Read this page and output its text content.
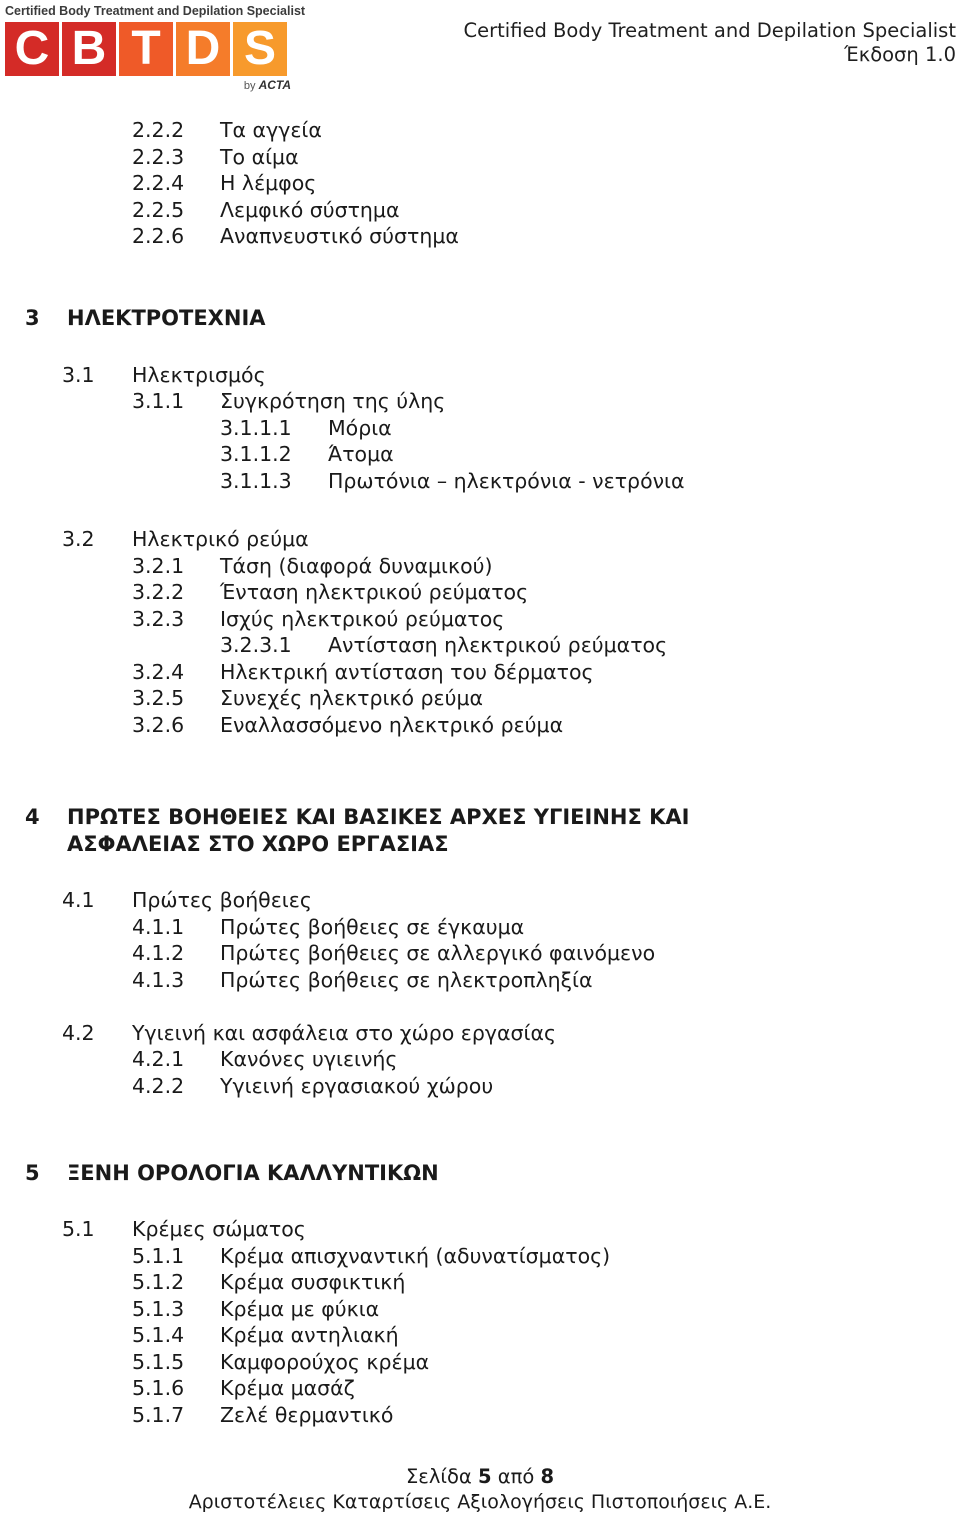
Certified Body Treatment and Depilation Specialist
C B T D S
by ACTA
Certified Body Treatment and Depilation Specialist
Έκδοση 1.0
2.2.2 Τα αγγεία
2.2.3 Το αίμα
2.2.4 Η λέμφος
2.2.5 Λεμφικό σύστημα
2.2.6 Αναπνευστικό σύστημα
3 ΗΛΕΚΤΡΟΤΕΧΝΙΑ
3.1 Ηλεκτρισμός
3.1.1 Συγκρότηση της ύλης
3.1.1.1 Μόρια
3.1.1.2 Άτομα
3.1.1.3 Πρωτόνια – ηλεκτρόνια - νετρόνια
3.2 Ηλεκτρικό ρεύμα
3.2.1 Τάση (διαφορά δυναμικού)
3.2.2 Ένταση ηλεκτρικού ρεύματος
3.2.3 Ισχύς ηλεκτρικού ρεύματος
3.2.3.1 Αντίσταση ηλεκτρικού ρεύματος
3.2.4 Ηλεκτρική αντίσταση του δέρματος
3.2.5 Συνεχές ηλεκτρικό ρεύμα
3.2.6 Εναλλασσόμενο ηλεκτρικό ρεύμα
4 ΠΡΩΤΕΣ ΒΟΗΘΕΙΕΣ ΚΑΙ ΒΑΣΙΚΕΣ ΑΡΧΕΣ ΥΓΙΕΙΝΗΣ ΚΑΙ
ΑΣΦΑΛΕΙΑΣ ΣΤΟ ΧΩΡΟ ΕΡΓΑΣΙΑΣ
4.1 Πρώτες βοήθειες
4.1.1 Πρώτες βοήθειες σε έγκαυμα
4.1.2 Πρώτες βοήθειες σε αλλεργικό φαινόμενο
4.1.3 Πρώτες βοήθειες σε ηλεκτροπληξία
4.2 Υγιεινή και ασφάλεια στο χώρο εργασίας
4.2.1 Κανόνες υγιεινής
4.2.2 Υγιεινή εργασιακού χώρου
5 ΞΕΝΗ ΟΡΟΛΟΓΙΑ ΚΑΛΛΥΝΤΙΚΩΝ
5.1 Κρέμες σώματος
5.1.1 Κρέμα απισχναντική (αδυνατίσματος)
5.1.2 Κρέμα συσφικτική
5.1.3 Κρέμα με φύκια
5.1.4 Κρέμα αντηλιακή
5.1.5 Καμφορούχος κρέμα
5.1.6 Κρέμα μασάζ
5.1.7 Ζελέ θερμαντικό
Σελίδα 5 από 8
Αριστοτέλειες Καταρτίσεις Αξιολογήσεις Πιστοποιήσεις Α.Ε.
